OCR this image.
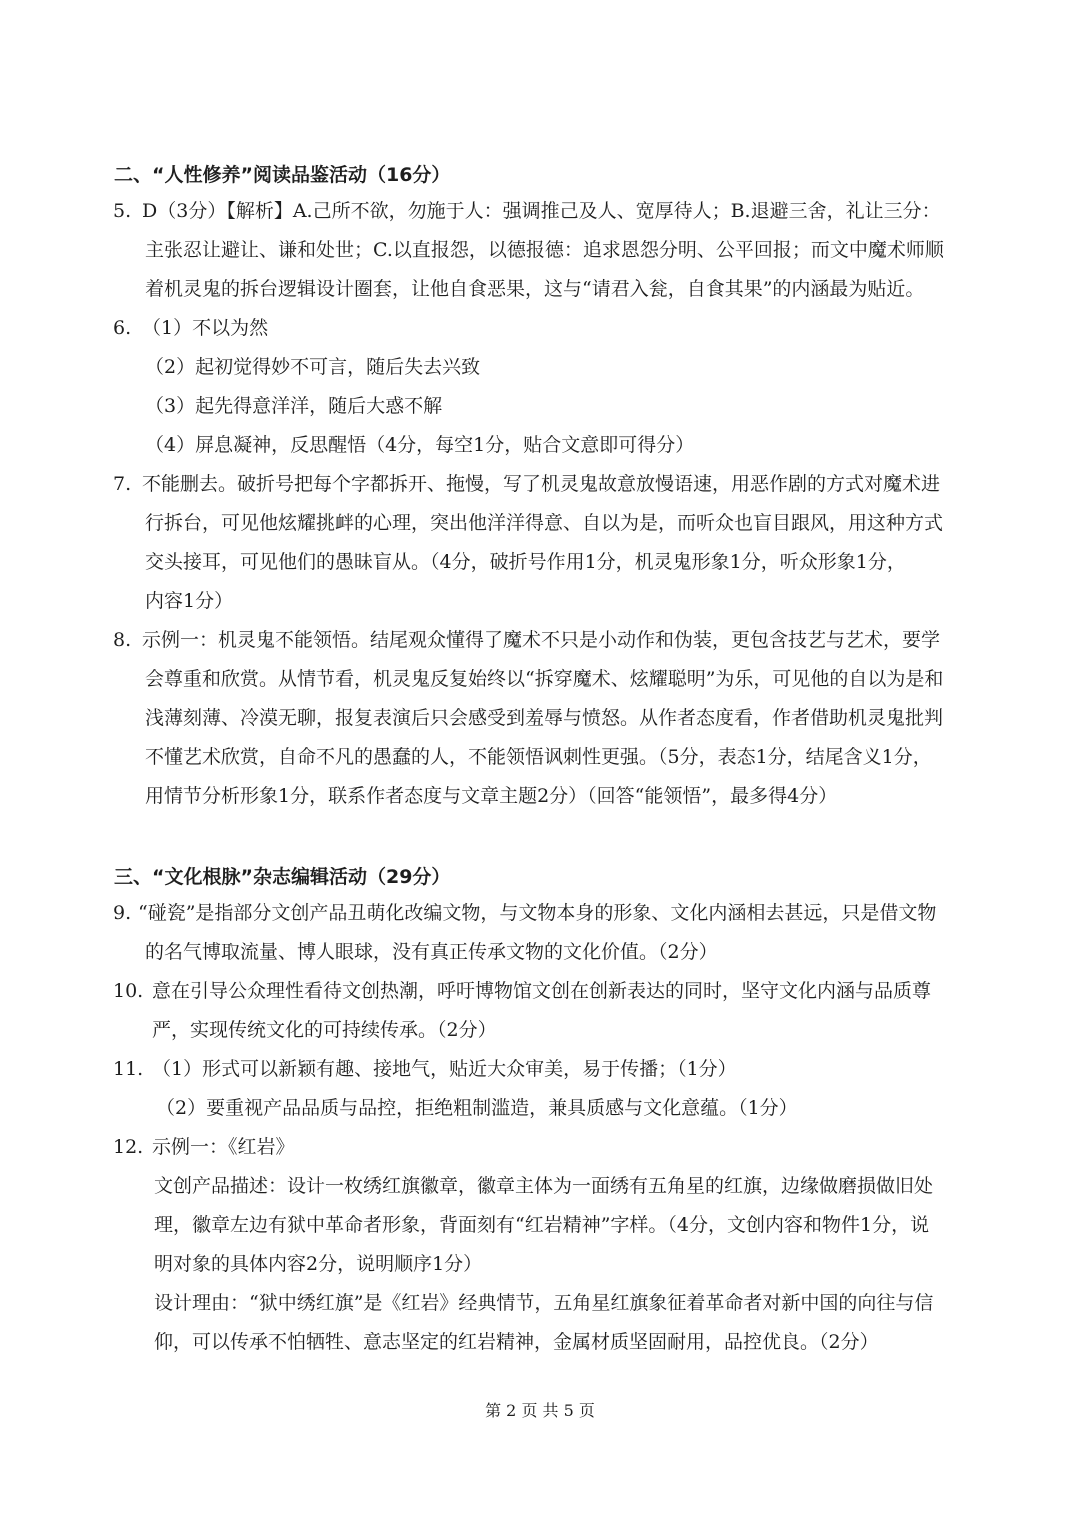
二、“人性修养”阅读品鉴活动（16分）
5. D（3分）【解析】A.己所不欲，勿施于人：强调推己及人、宽厚待人；B.退避三舍，礼让三分：
主张忍让避让、谦和处世；C.以直报怨，以德报德：追求恩怨分明、公平回报；而文中魔术师顺
着机灵鬼的拆台逻辑设计圈套，让他自食恶果，这与“请君入瓮，自食其果”的内涵最为贴近。
6. （1）不以为然
（2）起初觉得妙不可言，随后失去兴致
（3）起先得意洋洋，随后大惑不解
（4）屏息凝神，反思醒悟（4分，每空1分，贴合文意即可得分）
7. 不能删去。破折号把每个字都拆开、拖慢，写了机灵鬼故意放慢语速，用恶作剧的方式对魔术进
行拆台，可见他炫耀挑衅的心理，突出他洋洋得意、自以为是，而听众也盲目跟风，用这种方式
交头接耳，可见他们的愚昧盲从。（4分，破折号作用1分，机灵鬼形象1分，听众形象1分，
内容1分）
8. 示例一：机灵鬼不能领悟。结尾观众懂得了魔术不只是小动作和伪装，更包含技艺与艺术，要学
会尊重和欣赏。从情节看，机灵鬼反复始终以“拆穿魔术、炫耀聪明”为乐，可见他的自以为是和
浅薄刻薄、冷漠无聊，报复表演后只会感受到羞辱与愤怒。从作者态度看，作者借助机灵鬼批判
不懂艺术欣赏，自命不凡的愚蠢的人，不能领悟讽刺性更强。（5分，表态1分，结尾含义1分，
用情节分析形象1分，联系作者态度与文章主题2分）（回答“能领悟”，最多得4分）
三、“文化根脉”杂志编辑活动（29分）
9. “碰瓷”是指部分文创产品丑萌化改编文物，与文物本身的形象、文化内涵相去甚远，只是借文物
的名气博取流量、博人眼球，没有真正传承文物的文化价值。（2分）
10. 意在引导公众理性看待文创热潮，呼吁博物馆文创在创新表达的同时，坚守文化内涵与品质尊
严，实现传统文化的可持续传承。（2分）
11. （1）形式可以新颖有趣、接地气，贴近大众审美，易于传播；（1分）
（2）要重视产品品质与品控，拒绝粗制滥造，兼具质感与文化意蕴。（1分）
12. 示例一：《红岩》
文创产品描述：设计一枚绣红旗徽章，徽章主体为一面绣有五角星的红旗，边缘做磨损做旧处
理，徽章左边有狱中革命者形象，背面刻有“红岩精神”字样。（4分，文创内容和物件1分，说
明对象的具体内容2分，说明顺序1分）
设计理由：“狱中绣红旗”是《红岩》经典情节，五角星红旗象征着革命者对新中国的向往与信
仰，可以传承不怕牺牲、意志坚定的红岩精神，金属材质坚固耐用，品控优良。（2分）
第 2 页 共 5 页
